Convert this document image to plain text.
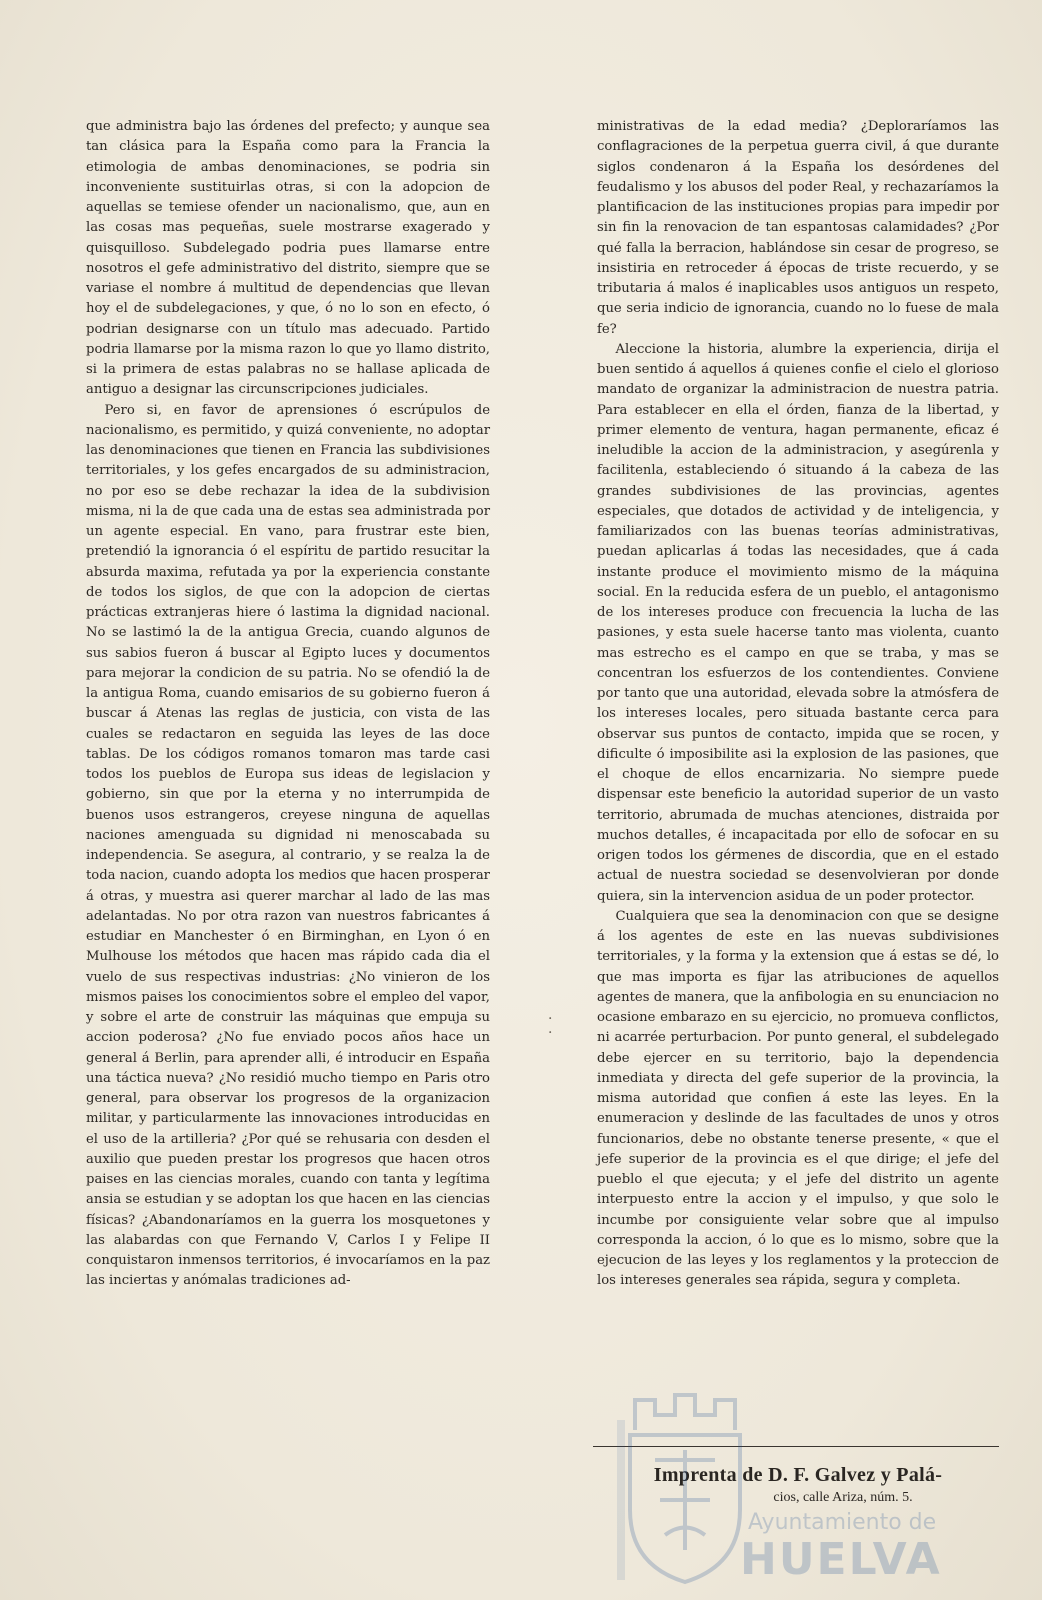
que administra bajo las órdenes del prefecto; y aunque sea tan clásica para la España como para la Francia la etimologia de ambas denominaciones, se podria sin inconveniente sustituirlas otras, si con la adopcion de aquellas se temiese ofender un nacionalismo, que, aun en las cosas mas pequeñas, suele mostrarse exagerado y quisquilloso. Subdelegado podria pues llamarse entre nosotros el gefe administrativo del distrito, siempre que se variase el nombre á multitud de dependencias que llevan hoy el de subdelegaciones, y que, ó no lo son en efecto, ó podrian designarse con un título mas adecuado. Partido podria llamarse por la misma razon lo que yo llamo distrito, si la primera de estas palabras no se hallase aplicada de antiguo a designar las circunscripciones judiciales.

Pero si, en favor de aprensiones ó escrúpulos de nacionalismo, es permitido, y quizá conveniente, no adoptar las denominaciones que tienen en Francia las subdivisiones territoriales, y los gefes encargados de su administracion, no por eso se debe rechazar la idea de la subdivision misma, ni la de que cada una de estas sea administrada por un agente especial. En vano, para frustrar este bien, pretendió la ignorancia ó el espíritu de partido resucitar la absurda maxima, refutada ya por la experiencia constante de todos los siglos, de que con la adopcion de ciertas prácticas extranjeras hiere ó lastima la dignidad nacional. No se lastimó la de la antigua Grecia, cuando algunos de sus sabios fueron á buscar al Egipto luces y documentos para mejorar la condicion de su patria. No se ofendió la de la antigua Roma, cuando emisarios de su gobierno fueron á buscar á Atenas las reglas de justicia, con vista de las cuales se redactaron en seguida las leyes de las doce tablas. De los códigos romanos tomaron mas tarde casi todos los pueblos de Europa sus ideas de legislacion y gobierno, sin que por la eterna y no interrumpida de buenos usos estrangeros, creyese ninguna de aquellas naciones amenguada su dignidad ni menoscabada su independencia. Se asegura, al contrario, y se realza la de toda nacion, cuando adopta los medios que hacen prosperar á otras, y muestra asi querer marchar al lado de las mas adelantadas. No por otra razon van nuestros fabricantes á estudiar en Manchester ó en Birminghan, en Lyon ó en Mulhouse los métodos que hacen mas rápido cada dia el vuelo de sus respectivas industrias: ¿No vinieron de los mismos paises los conocimientos sobre el empleo del vapor, y sobre el arte de construir las máquinas que empuja su accion poderosa? ¿No fue enviado pocos años hace un general á Berlin, para aprender alli, é introducir en España una táctica nueva? ¿No residió mucho tiempo en Paris otro general, para observar los progresos de la organizacion militar, y particularmente las innovaciones introducidas en el uso de la artilleria? ¿Por qué se rehusaria con desden el auxilio que pueden prestar los progresos que hacen otros paises en las ciencias morales, cuando con tanta y legítima ansia se estudian y se adoptan los que hacen en las ciencias físicas? ¿Abandonaríamos en la guerra los mosquetones y las alabardas con que Fernando V, Carlos I y Felipe II conquistaron inmensos territorios, é invocaríamos en la paz las inciertas y anómalas tradiciones ad-

·
·

ministrativas de la edad media? ¿Deploraríamos las conflagraciones de la perpetua guerra civil, á que durante siglos condenaron á la España los desórdenes del feudalismo y los abusos del poder Real, y rechazaríamos la plantificacion de las instituciones propias para impedir por sin fin la renovacion de tan espantosas calamidades? ¿Por qué falla la berracion, hablándose sin cesar de progreso, se insistiria en retroceder á épocas de triste recuerdo, y se tributaria á malos é inaplicables usos antiguos un respeto, que seria indicio de ignorancia, cuando no lo fuese de mala fe?

Aleccione la historia, alumbre la experiencia, dirija el buen sentido á aquellos á quienes confie el cielo el glorioso mandato de organizar la administracion de nuestra patria. Para establecer en ella el órden, fianza de la libertad, y primer elemento de ventura, hagan permanente, eficaz é ineludible la accion de la administracion, y asegúrenla y facilitenla, estableciendo ó situando á la cabeza de las grandes subdivisiones de las provincias, agentes especiales, que dotados de actividad y de inteligencia, y familiarizados con las buenas teorías administrativas, puedan aplicarlas á todas las necesidades, que á cada instante produce el movimiento mismo de la máquina social. En la reducida esfera de un pueblo, el antagonismo de los intereses produce con frecuencia la lucha de las pasiones, y esta suele hacerse tanto mas violenta, cuanto mas estrecho es el campo en que se traba, y mas se concentran los esfuerzos de los contendientes. Conviene por tanto que una autoridad, elevada sobre la atmósfera de los intereses locales, pero situada bastante cerca para observar sus puntos de contacto, impida que se rocen, y dificulte ó imposibilite asi la explosion de las pasiones, que el choque de ellos encarnizaria. No siempre puede dispensar este beneficio la autoridad superior de un vasto territorio, abrumada de muchas atenciones, distraida por muchos detalles, é incapacitada por ello de sofocar en su origen todos los gérmenes de discordia, que en el estado actual de nuestra sociedad se desenvolvieran por donde quiera, sin la intervencion asidua de un poder protector.

Cualquiera que sea la denominacion con que se designe á los agentes de este en las nuevas subdivisiones territoriales, y la forma y la extension que á estas se dé, lo que mas importa es fijar las atribuciones de aquellos agentes de manera, que la anfibologia en su enunciacion no ocasione embarazo en su ejercicio, no promueva conflictos, ni acarrée perturbacion. Por punto general, el subdelegado debe ejercer en su territorio, bajo la dependencia inmediata y directa del gefe superior de la provincia, la misma autoridad que confien á este las leyes. En la enumeracion y deslinde de las facultades de unos y otros funcionarios, debe no obstante tenerse presente, « que el jefe superior de la provincia es el que dirige; el jefe del pueblo el que ejecuta; y el jefe del distrito un agente interpuesto entre la accion y el impulso, y que solo le incumbe por consiguiente velar sobre que al impulso corresponda la accion, ó lo que es lo mismo, sobre que la ejecucion de las leyes y los reglamentos y la proteccion de los intereses generales sea rápida, segura y completa.

Imprenta de D. F. Galvez y Palá-
cios, calle Ariza, núm. 5.
Ayuntamiento de
HUELVA
